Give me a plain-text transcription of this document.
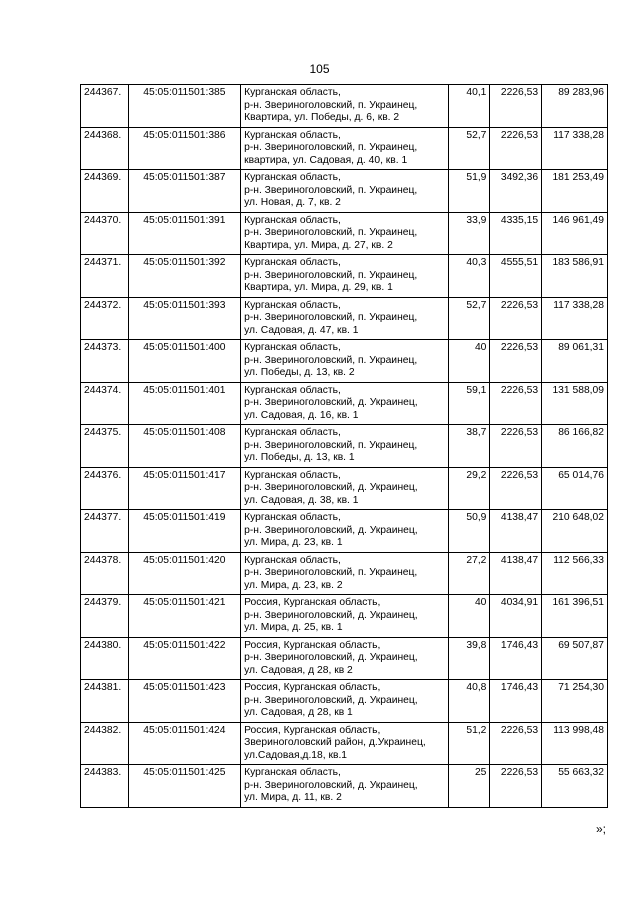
105
244367.	45:05:011501:385	Курганская область,
р-н. Звериноголовский, п. Украинец,
Квартира, ул. Победы, д. 6, кв. 2	40,1	2226,53	89 283,96
244368.	45:05:011501:386	Курганская область,
р-н. Звериноголовский, п. Украинец,
квартира, ул. Садовая, д. 40, кв. 1	52,7	2226,53	117 338,28
244369.	45:05:011501:387	Курганская область,
р-н. Звериноголовский, п. Украинец,
ул. Новая, д. 7, кв. 2	51,9	3492,36	181 253,49
244370.	45:05:011501:391	Курганская область,
р-н. Звериноголовский, п. Украинец,
Квартира, ул. Мира, д. 27, кв. 2	33,9	4335,15	146 961,49
244371.	45:05:011501:392	Курганская область,
р-н. Звериноголовский, п. Украинец,
Квартира, ул. Мира, д. 29, кв. 1	40,3	4555,51	183 586,91
244372.	45:05:011501:393	Курганская область,
р-н. Звериноголовский, п. Украинец,
ул. Садовая, д. 47, кв. 1	52,7	2226,53	117 338,28
244373.	45:05:011501:400	Курганская область,
р-н. Звериноголовский, п. Украинец,
ул. Победы, д. 13, кв. 2	40	2226,53	89 061,31
244374.	45:05:011501:401	Курганская область,
р-н. Звериноголовский, д. Украинец,
ул. Садовая, д. 16, кв. 1	59,1	2226,53	131 588,09
244375.	45:05:011501:408	Курганская область,
р-н. Звериноголовский, п. Украинец,
ул. Победы, д. 13, кв. 1	38,7	2226,53	86 166,82
244376.	45:05:011501:417	Курганская область,
р-н. Звериноголовский, д. Украинец,
ул. Садовая, д. 38, кв. 1	29,2	2226,53	65 014,76
244377.	45:05:011501:419	Курганская область,
р-н. Звериноголовский, д. Украинец,
ул. Мира, д. 23, кв. 1	50,9	4138,47	210 648,02
244378.	45:05:011501:420	Курганская область,
р-н. Звериноголовский, п. Украинец,
ул. Мира, д. 23, кв. 2	27,2	4138,47	112 566,33
244379.	45:05:011501:421	Россия, Курганская область,
р-н. Звериноголовский, д. Украинец,
ул. Мира, д. 25, кв. 1	40	4034,91	161 396,51
244380.	45:05:011501:422	Россия, Курганская область,
р-н. Звериноголовский, д. Украинец,
ул. Садовая, д 28, кв 2	39,8	1746,43	69 507,87
244381.	45:05:011501:423	Россия, Курганская область,
р-н. Звериноголовский, д. Украинец,
ул. Садовая, д 28, кв 1	40,8	1746,43	71 254,30
244382.	45:05:011501:424	Россия, Курганская область,
Звериноголовский район, д.Украинец,
ул.Садовая,д.18, кв.1	51,2	2226,53	113 998,48
244383.	45:05:011501:425	Курганская область,
р-н. Звериноголовский, д. Украинец,
ул. Мира, д. 11, кв. 2	25	2226,53	55 663,32
»;
